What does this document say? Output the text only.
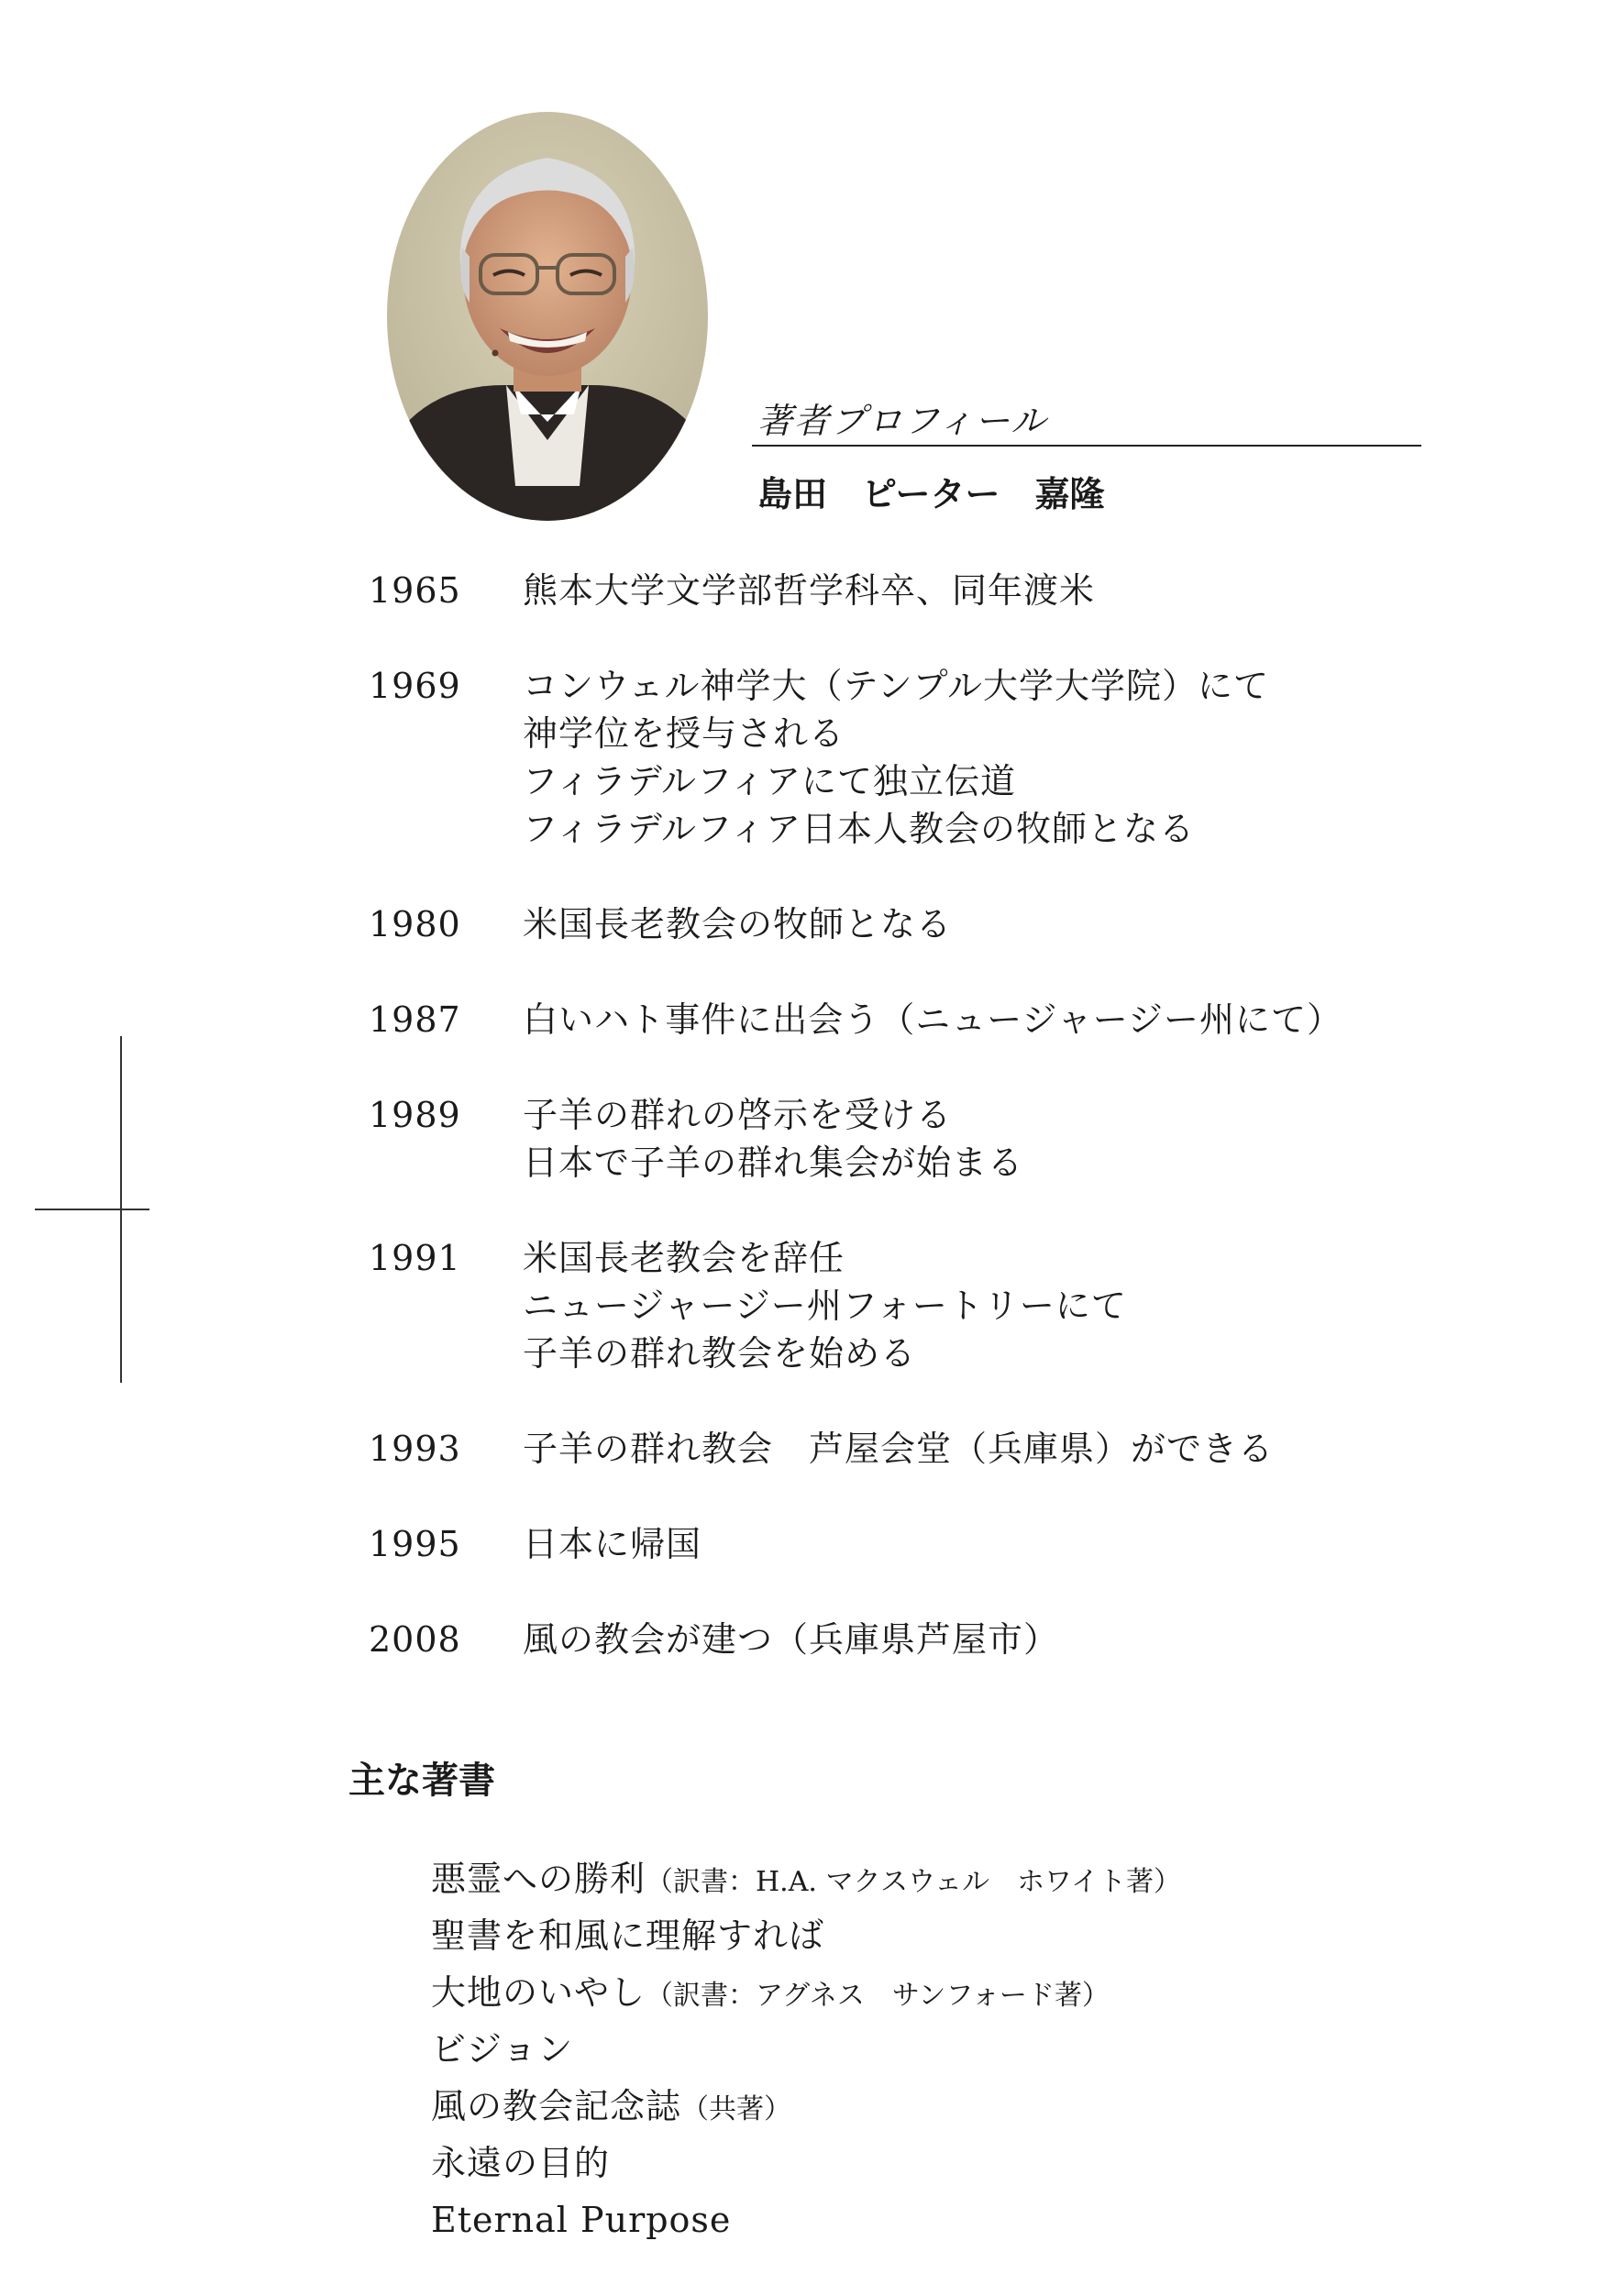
著者プロフィール
島田　ピーター　嘉隆
1965	熊本大学文学部哲学科卒、同年渡米
1969	コンウェル神学大（テンプル大学大学院）にて
神学位を授与される
フィラデルフィアにて独立伝道
フィラデルフィア日本人教会の牧師となる
1980	米国長老教会の牧師となる
1987	白いハト事件に出会う（ニュージャージー州にて）
1989	子羊の群れの啓示を受ける
日本で子羊の群れ集会が始まる
1991	米国長老教会を辞任
ニュージャージー州フォートリーにて
子羊の群れ教会を始める
1993	子羊の群れ教会　芦屋会堂（兵庫県）ができる
1995	日本に帰国
2008	風の教会が建つ（兵庫県芦屋市）
主な著書
悪霊への勝利（訳書：H.A. マクスウェル　ホワイト著）
聖書を和風に理解すれば
大地のいやし（訳書：アグネス　サンフォード著）
ビジョン
風の教会記念誌（共著）
永遠の目的
Eternal Purpose
